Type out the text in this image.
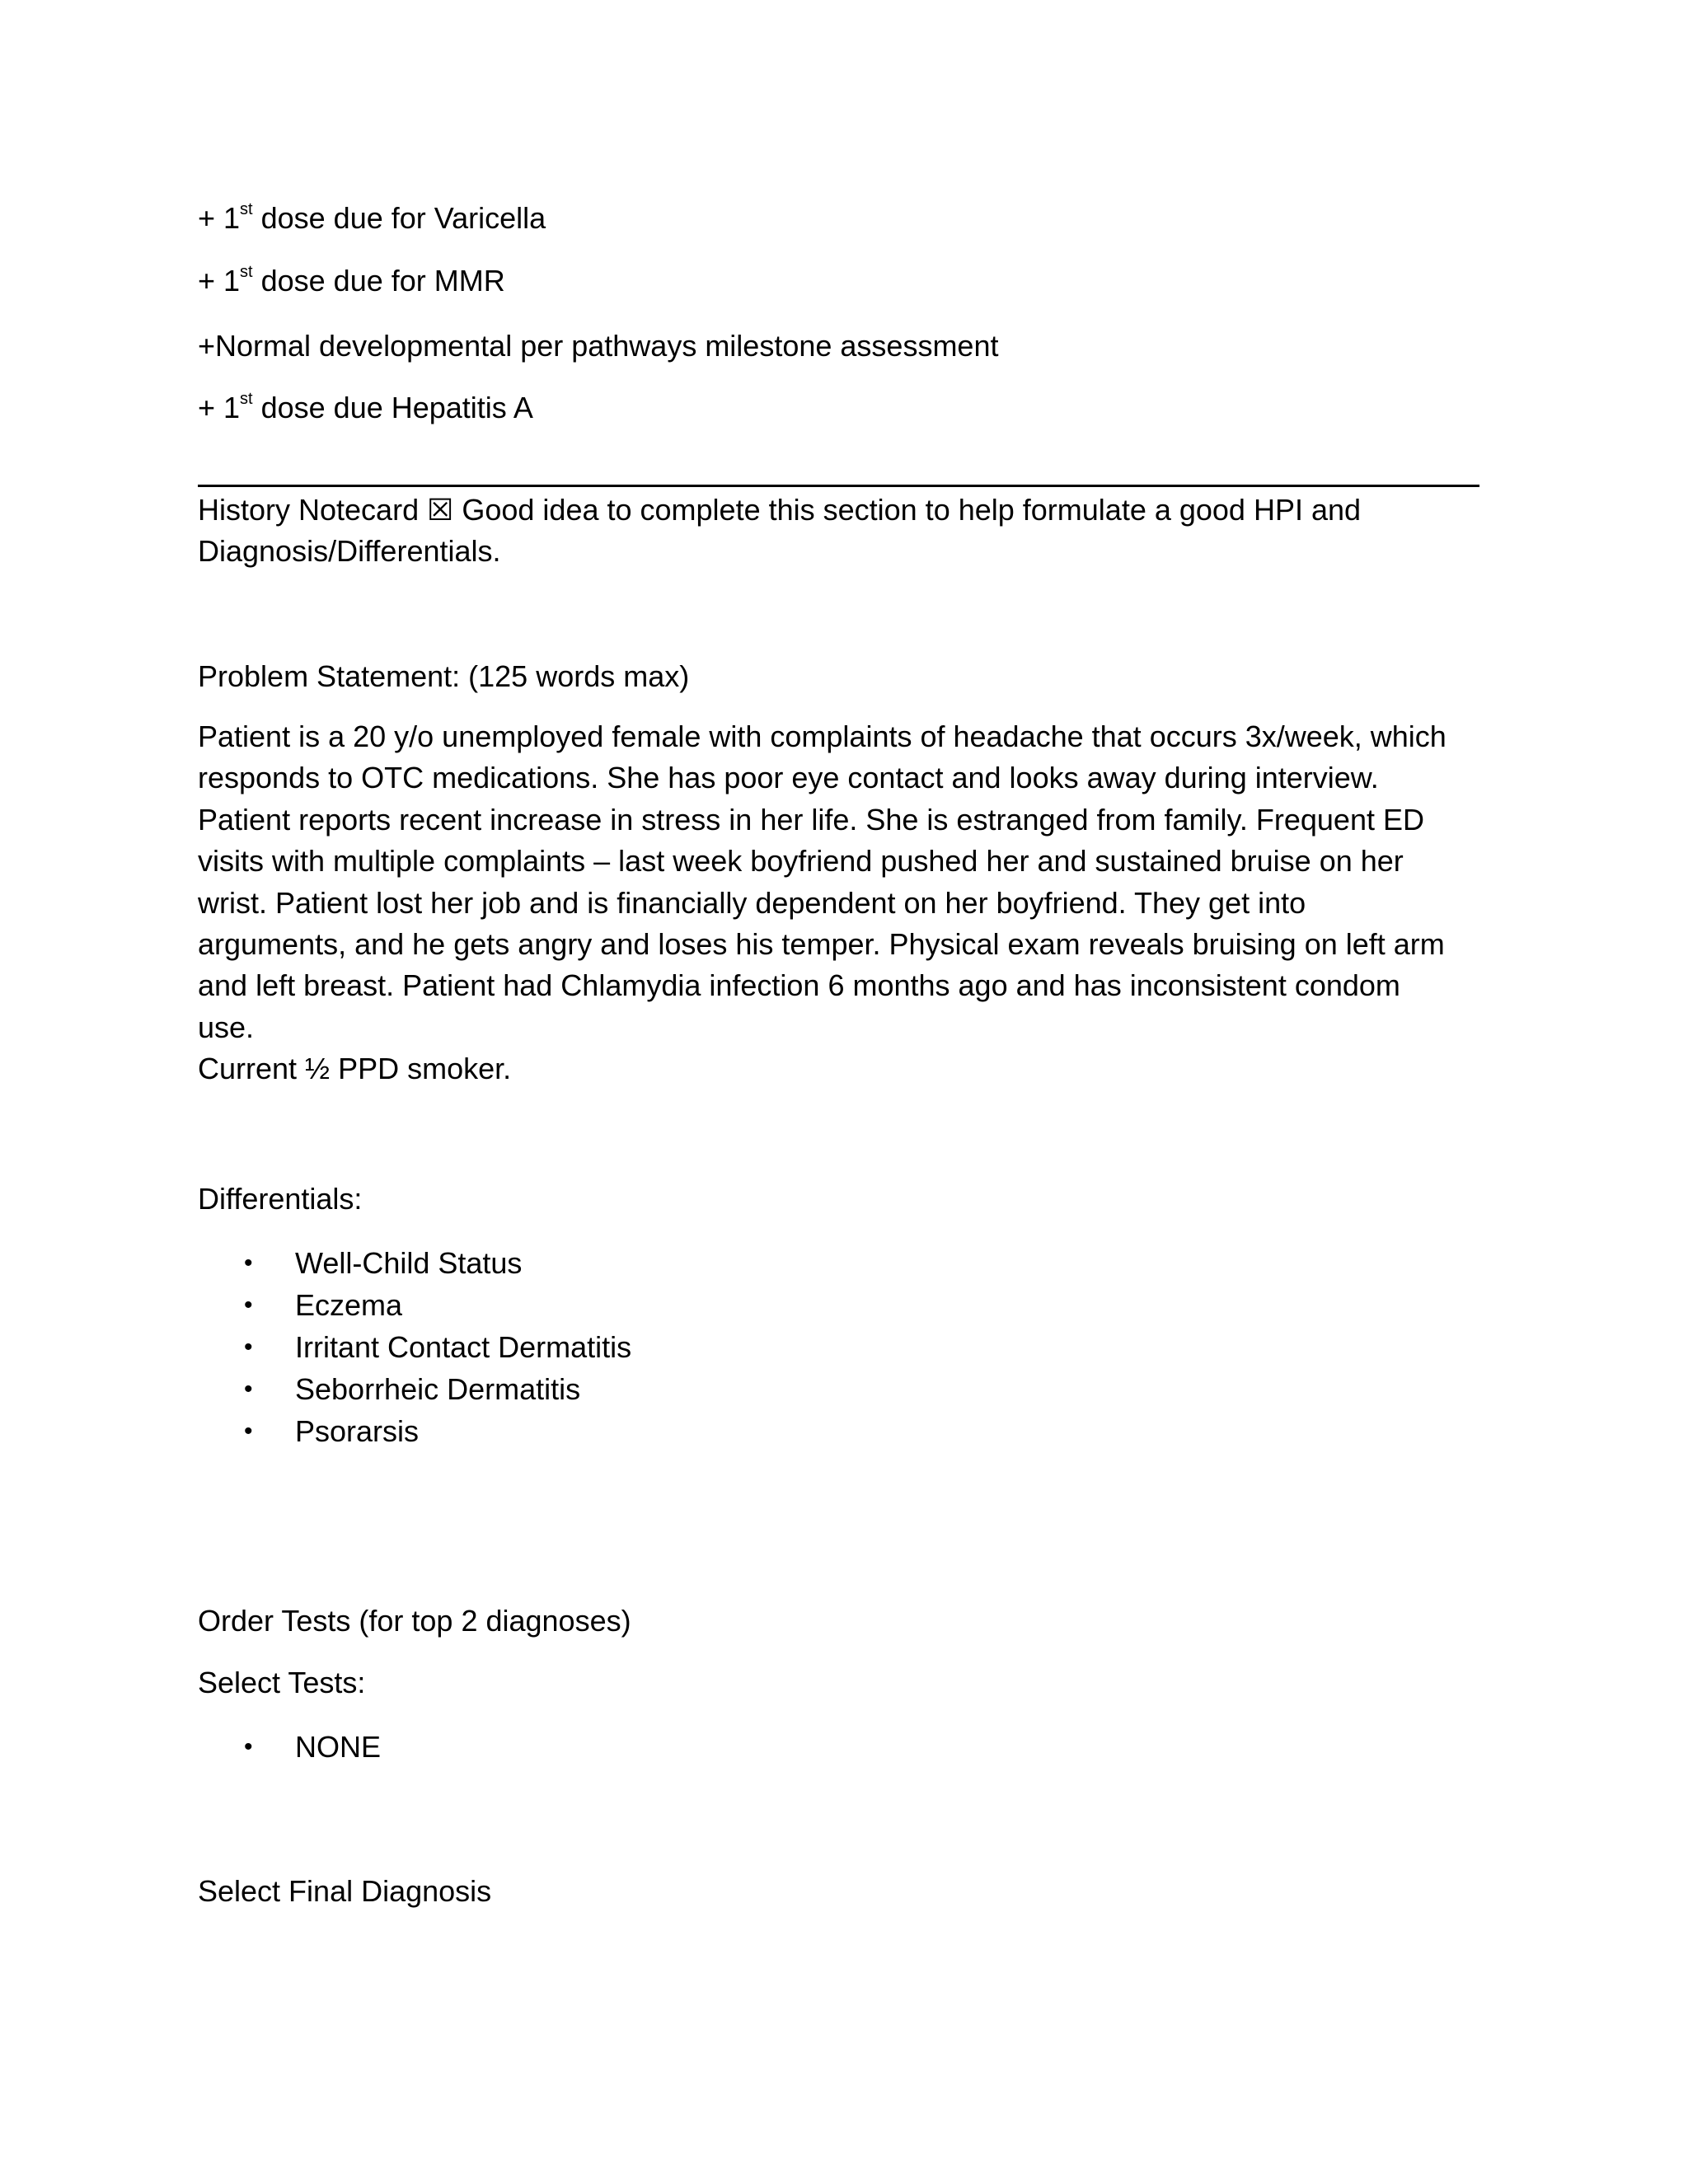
+ 1st dose due for Varicella
+ 1st dose due for MMR
+Normal developmental per pathways milestone assessment
+ 1st dose due Hepatitis A
History Notecard ☒ Good idea to complete this section to help formulate a good HPI and
Diagnosis/Differentials.
Problem Statement: (125 words max)
Patient is a 20 y/o unemployed female with complaints of headache that occurs 3x/week, which
responds to OTC medications. She has poor eye contact and looks away during interview.
Patient reports recent increase in stress in her life. She is estranged from family. Frequent ED
visits with multiple complaints – last week boyfriend pushed her and sustained bruise on her
wrist. Patient lost her job and is financially dependent on her boyfriend. They get into
arguments, and he gets angry and loses his temper. Physical exam reveals bruising on left arm
and left breast. Patient had Chlamydia infection 6 months ago and has inconsistent condom
use.
Current ½ PPD smoker.
Differentials:
• Well-Child Status
• Eczema
• Irritant Contact Dermatitis
• Seborrheic Dermatitis
• Psorarsis
Order Tests (for top 2 diagnoses)
Select Tests:
• NONE
Select Final Diagnosis
